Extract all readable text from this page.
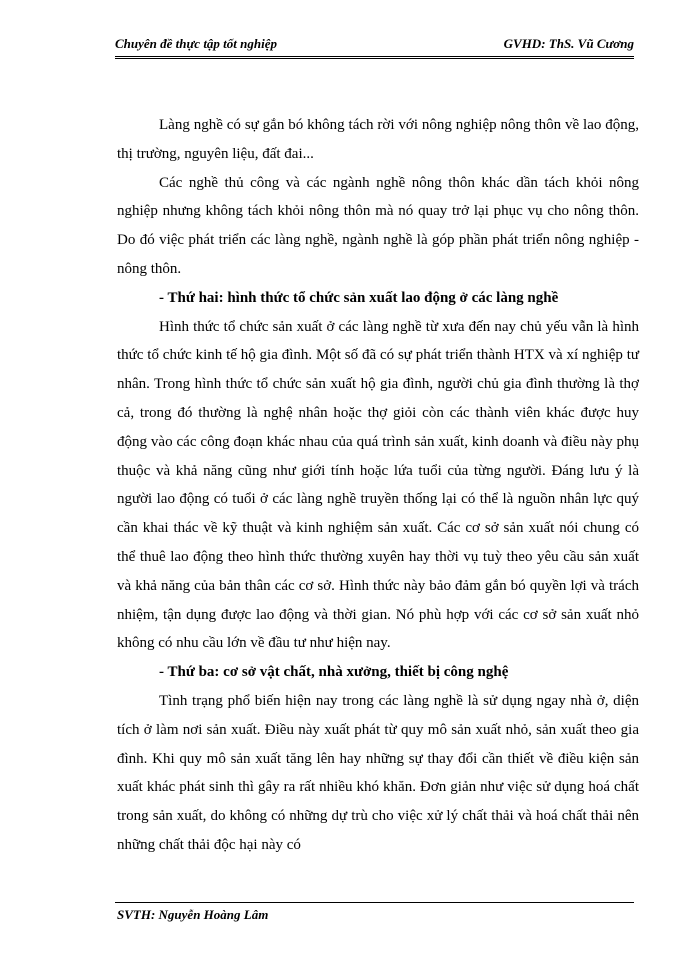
Chuyên đề thực tập tốt nghiệp	GVHD: ThS. Vũ Cương

Làng nghề có sự gắn bó không tách rời với nông nghiệp nông thôn về lao động, thị trường, nguyên liệu, đất đai...

Các nghề thủ công và các ngành nghề nông thôn khác dần tách khỏi nông nghiệp nhưng không tách khỏi nông thôn mà nó quay trở lại phục vụ cho nông thôn. Do đó việc phát triển các làng nghề, ngành nghề là góp phần phát triển nông nghiệp - nông thôn.

- Thứ hai: hình thức tổ chức sản xuất lao động ở các làng nghề

Hình thức tổ chức sản xuất ở các làng nghề từ xưa đến nay chủ yếu vẫn là hình thức tổ chức kinh tế hộ gia đình. Một số đã có sự phát triển thành HTX và xí nghiệp tư nhân. Trong hình thức tổ chức sản xuất hộ gia đình, người chủ gia đình thường là thợ cả, trong đó thường là nghệ nhân hoặc thợ giỏi còn các thành viên khác được huy động vào các công đoạn khác nhau của quá trình sản xuất, kinh doanh và điều này phụ thuộc và khả năng cũng như giới tính hoặc lứa tuổi của từng người. Đáng lưu ý là người lao động có tuổi ở các làng nghề truyền thống lại có thể là nguồn nhân lực quý cần khai thác về kỹ thuật và kinh nghiệm sản xuất. Các cơ sở sản xuất nói chung có thể thuê lao động theo hình thức thường xuyên hay thời vụ tuỳ theo yêu cầu sản xuất và khả năng của bản thân các cơ sở. Hình thức này bảo đảm gắn bó quyền lợi và trách nhiệm, tận dụng được lao động và thời gian. Nó phù hợp với các cơ sở sản xuất nhỏ không có nhu cầu lớn về đầu tư như hiện nay.

- Thứ ba: cơ sở vật chất, nhà xưởng, thiết bị công nghệ

Tình trạng phổ biến hiện nay trong các làng nghề là sử dụng ngay nhà ở, diện tích ở làm nơi sản xuất. Điều này xuất phát từ quy mô sản xuất nhỏ, sản xuất theo gia đình. Khi quy mô sản xuất tăng lên hay những sự thay đổi cần thiết về điều kiện sản xuất khác phát sinh thì gây ra rất nhiều khó khăn. Đơn giản như việc sử dụng hoá chất trong sản xuất, do không có những dự trù cho việc xử lý chất thải và hoá chất thải nên những chất thải độc hại này có

SVTH: Nguyễn Hoàng Lâm
